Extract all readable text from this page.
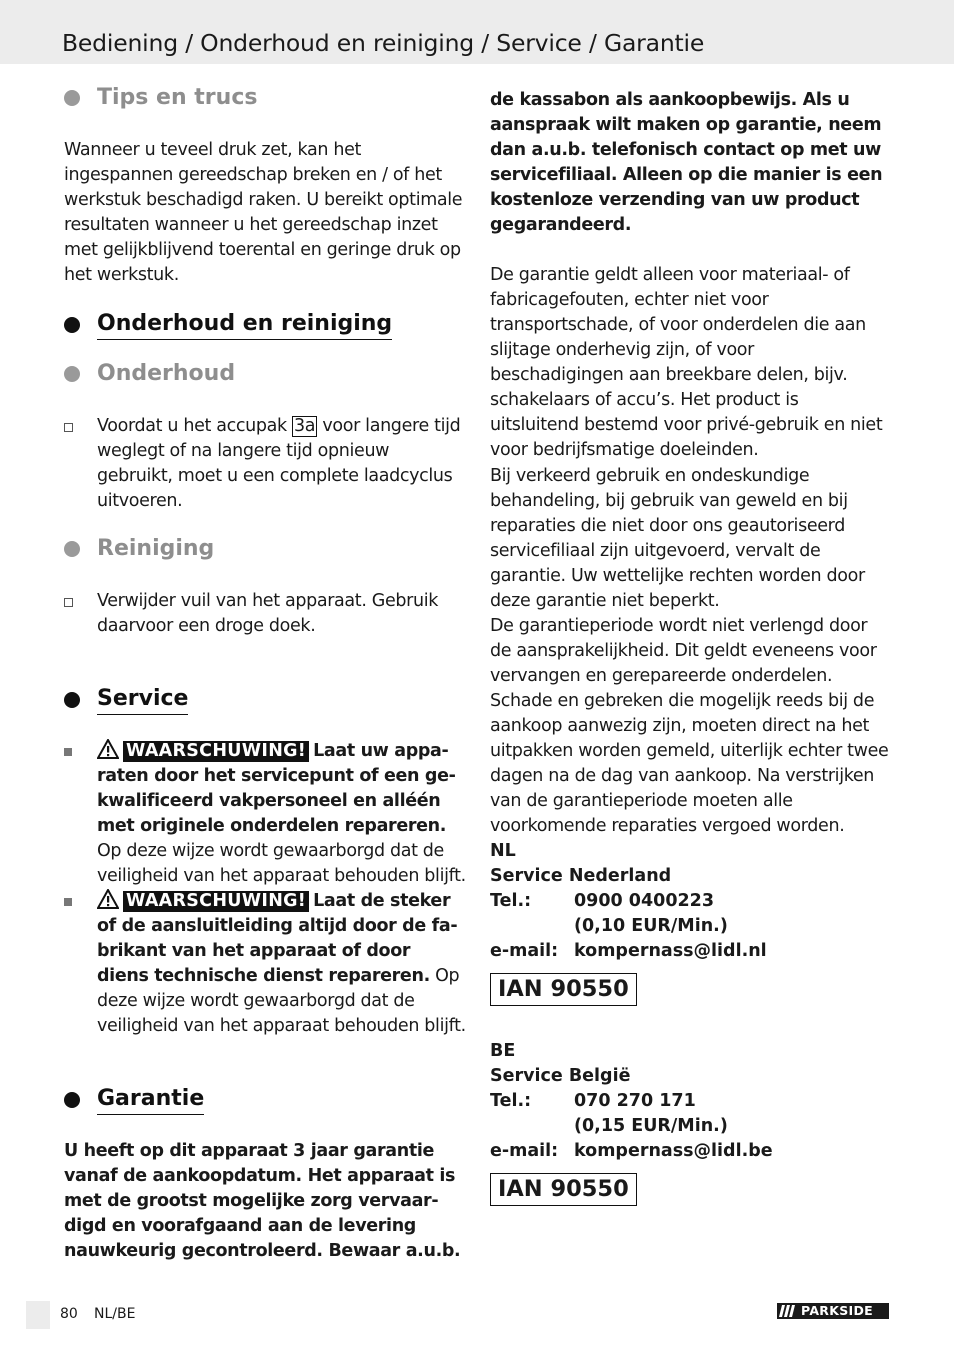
Bediening / Onderhoud en reiniging / Service / Garantie
Tips en trucs
Wanneer u teveel druk zet, kan het ingespannen gereedschap breken en / of het werkstuk beschadigd raken. U bereikt optimale resultaten wanneer u het gereedschap inzet met gelijkblijvend toerental en geringe druk op het werkstuk.
Onderhoud en reiniging
Onderhoud
Voordat u het accupak 3a voor langere tijd weglegt of na langere tijd opnieuw gebruikt, moet u een complete laadcyclus uitvoeren.
Reiniging
Verwijder vuil van het apparaat. Gebruik daarvoor een droge doek.
Service
WAARSCHUWING! Laat uw apparaten door het servicepunt of een gekwalificeerd vakpersoneel en alléén met originele onderdelen repareren. Op deze wijze wordt gewaarborgd dat de veiligheid van het apparaat behouden blijft.
WAARSCHUWING! Laat de steker of de aansluitleiding altijd door de fabrikant van het apparaat of door diens technische dienst repareren. Op deze wijze wordt gewaarborgd dat de veiligheid van het apparaat behouden blijft.
Garantie
U heeft op dit apparaat 3 jaar garantie vanaf de aankoopdatum. Het apparaat is met de grootst mogelijke zorg vervaardigd en voorafgaand aan de levering nauwkeurig gecontroleerd. Bewaar a.u.b.
de kassabon als aankoopbewijs. Als u aanspraak wilt maken op garantie, neem dan a.u.b. telefonisch contact op met uw servicefiliaal. Alleen op die manier is een kostenloze verzending van uw product gegarandeerd.
De garantie geldt alleen voor materiaal- of fabricagefouten, echter niet voor transportschade, of voor onderdelen die aan slijtage onderhevig zijn, of voor beschadigingen aan breekbare delen, bijv. schakelaars of accu’s. Het product is uitsluitend bestemd voor privé-gebruik en niet voor bedrijfsmatige doeleinden.
Bij verkeerd gebruik en ondeskundige behandeling, bij gebruik van geweld en bij reparaties die niet door ons geautoriseerd servicefiliaal zijn uitgevoerd, vervalt de garantie. Uw wettelijke rechten worden door deze garantie niet beperkt.
De garantieperiode wordt niet verlengd door de aansprakelijkheid. Dit geldt eveneens voor vervangen en gerepareerde onderdelen. Schade en gebreken die mogelijk reeds bij de aankoop aanwezig zijn, moeten direct na het uitpakken worden gemeld, uiterlijk echter twee dagen na de dag van aankoop. Na verstrijken van de garantieperiode moeten alle voorkomende reparaties vergoed worden.
NL
Service Nederland
Tel.: 0900 0400223
(0,10 EUR/Min.)
e-mail: kompernass@lidl.nl
IAN 90550
BE
Service België
Tel.: 070 270 171
(0,15 EUR/Min.)
e-mail: kompernass@lidl.be
IAN 90550
80 NL/BE	PARKSIDE
